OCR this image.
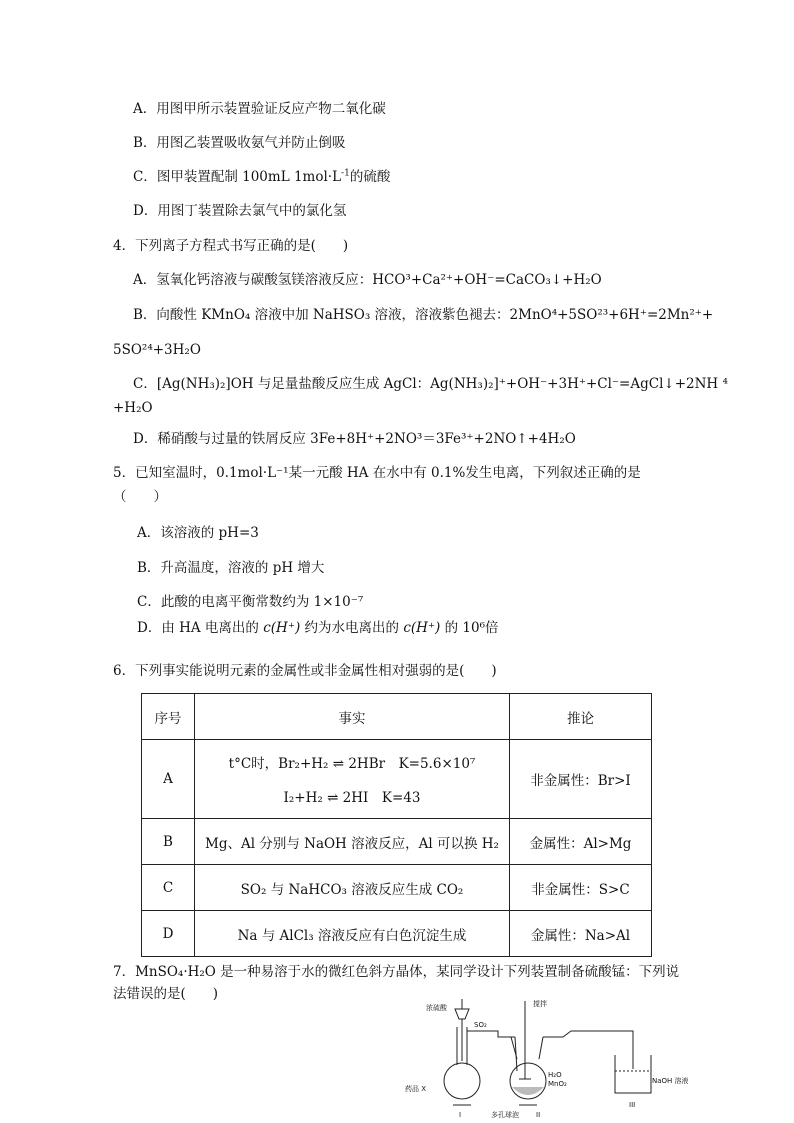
A．用图甲所示装置验证反应产物二氧化碳
B．用图乙装置吸收氨气并防止倒吸
C．图甲装置配制 100mL $1mol\cdot L^{-1}$的硫酸
D．用图丁装置除去氯气中的氯化氢
4．下列离子方程式书写正确的是(　　)
A．氢氧化钙溶液与碳酸氢镁溶液反应：HCO³+Ca²⁺+OH⁻=CaCO₃↓+H₂O
B．向酸性 KMnO₄ 溶液中加 NaHSO₃ 溶液，溶液紫色褪去：2MnO⁴+5SO²³+6H⁺=2Mn²⁺+
5SO²⁴+3H₂O
C．[Ag(NH₃)₂]OH 与足量盐酸反应生成 AgCl：Ag(NH₃)₂]⁺+OH⁻+3H⁺+Cl⁻=AgCl↓+2NH ⁴
+H₂O
D．稀硝酸与过量的铁屑反应 3Fe+8H⁺+2NO³＝3Fe³⁺+2NO↑+4H₂O
5．已知室温时，0.1mol·L⁻¹某一元酸 HA 在水中有 0.1%发生电离，下列叙述正确的是
（　　）
A．该溶液的 pH=3
B．升高温度，溶液的 pH 增大
C．此酸的电离平衡常数约为 1×10⁻⁷
D．由 HA 电离出的 c(H⁺) 约为水电离出的 c(H⁺) 的 10⁶倍
6．下列事实能说明元素的金属性或非金属性相对强弱的是(　　)
序号	事实	推论
A	t°C时，Br₂+H₂ ⇌ 2HBr　K=5.6×10⁷
I₂+H₂ ⇌ 2HI　K=43	非金属性：Br>I
B	Mg、Al 分别与 NaOH 溶液反应，Al 可以换 H₂	金属性：Al>Mg
C	SO₂ 与 NaHCO₃ 溶液反应生成 CO₂	非金属性：S>C
D	Na 与 AlCl₃ 溶液反应有白色沉淀生成	金属性：Na>Al
7．MnSO₄·H₂O 是一种易溶于水的微红色斜方晶体，某同学设计下列装置制备硫酸锰：下列说
法错误的是(　　)
浓硫酸
SO₂
搅拌
H₂O
MnO₂
药品 X
I	多孔球泡 II
NaOH 溶液
III
